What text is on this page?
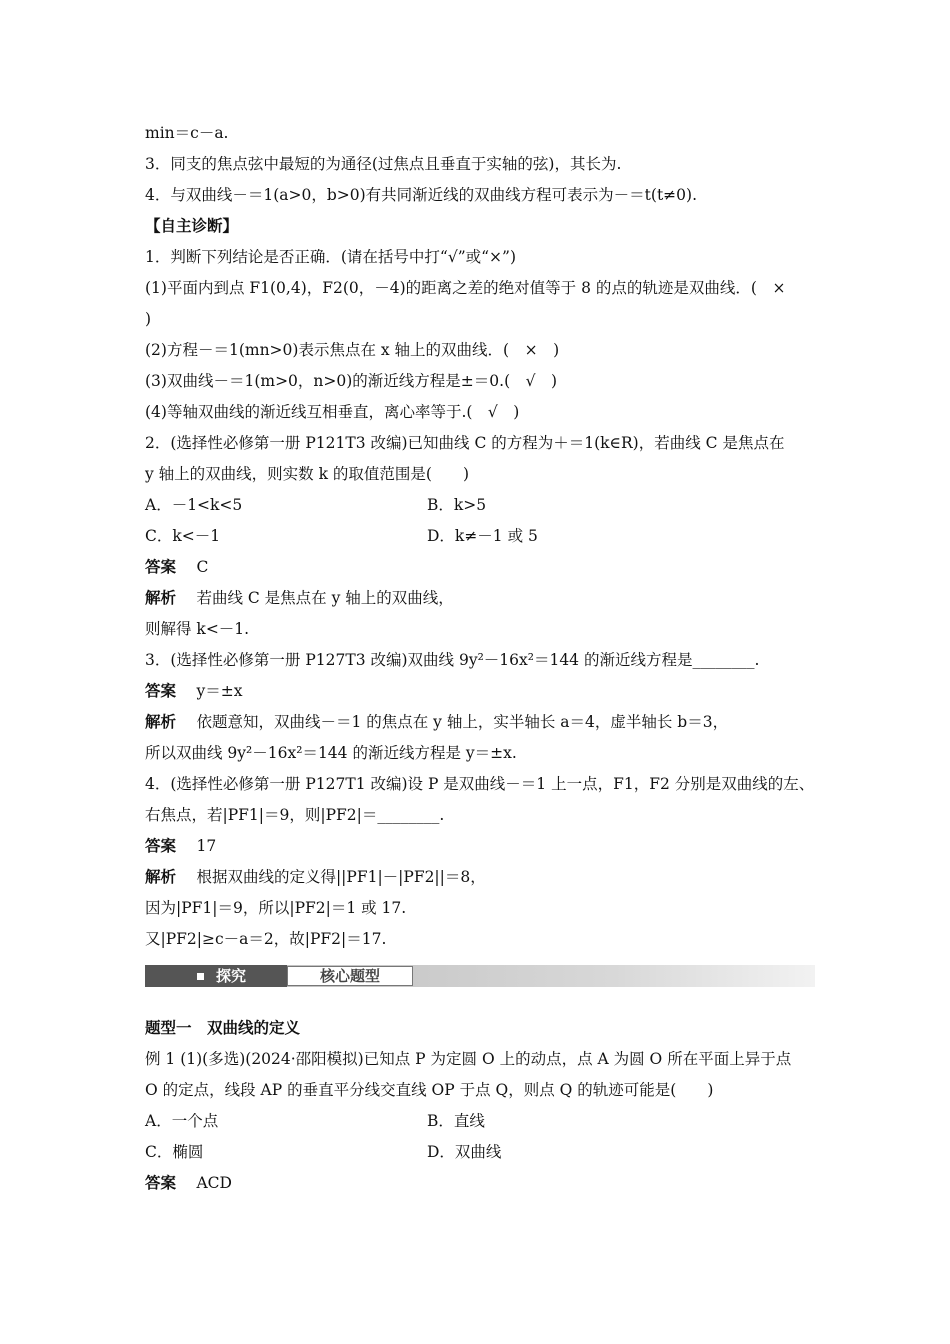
min＝c－a.
3．同支的焦点弦中最短的为通径(过焦点且垂直于实轴的弦)，其长为.
4．与双曲线－＝1(a>0，b>0)有共同渐近线的双曲线方程可表示为－＝t(t≠0).
【自主诊断】
1．判断下列结论是否正确．(请在括号中打“√”或“×”)
(1)平面内到点 F1(0,4)，F2(0，－4)的距离之差的绝对值等于 8 的点的轨迹是双曲线．(　×
)
(2)方程－＝1(mn>0)表示焦点在 x 轴上的双曲线．(　×　)
(3)双曲线－＝1(m>0，n>0)的渐近线方程是±＝0.(　√　)
(4)等轴双曲线的渐近线互相垂直，离心率等于.(　√　)
2．(选择性必修第一册 P121T3 改编)已知曲线 C 的方程为＋＝1(k∈R)，若曲线 C 是焦点在
y 轴上的双曲线，则实数 k 的取值范围是(　　)
A．－1<k<5	B．k>5
C．k<－1	D．k≠－1 或 5
答案　 C
解析　 若曲线 C 是焦点在 y 轴上的双曲线，
则解得 k<－1.
3．(选择性必修第一册 P127T3 改编)双曲线 9y²－16x²＝144 的渐近线方程是________.
答案　 y＝±x
解析　 依题意知，双曲线－＝1 的焦点在 y 轴上，实半轴长 a＝4，虚半轴长 b＝3，
所以双曲线 9y²－16x²＝144 的渐近线方程是 y＝±x.
4．(选择性必修第一册 P127T1 改编)设 P 是双曲线－＝1 上一点，F1，F2 分别是双曲线的左、
右焦点，若|PF1|＝9，则|PF2|＝________.
答案　 17
解析　 根据双曲线的定义得||PF1|－|PF2||＝8，
因为|PF1|＝9，所以|PF2|＝1 或 17.
又|PF2|≥c－a＝2，故|PF2|＝17.
探究	核心题型
题型一　双曲线的定义
例 1 (1)(多选)(2024·邵阳模拟)已知点 P 为定圆 O 上的动点，点 A 为圆 O 所在平面上异于点
O 的定点，线段 AP 的垂直平分线交直线 OP 于点 Q，则点 Q 的轨迹可能是(　　)
A．一个点	B．直线
C．椭圆	D．双曲线
答案　 ACD
